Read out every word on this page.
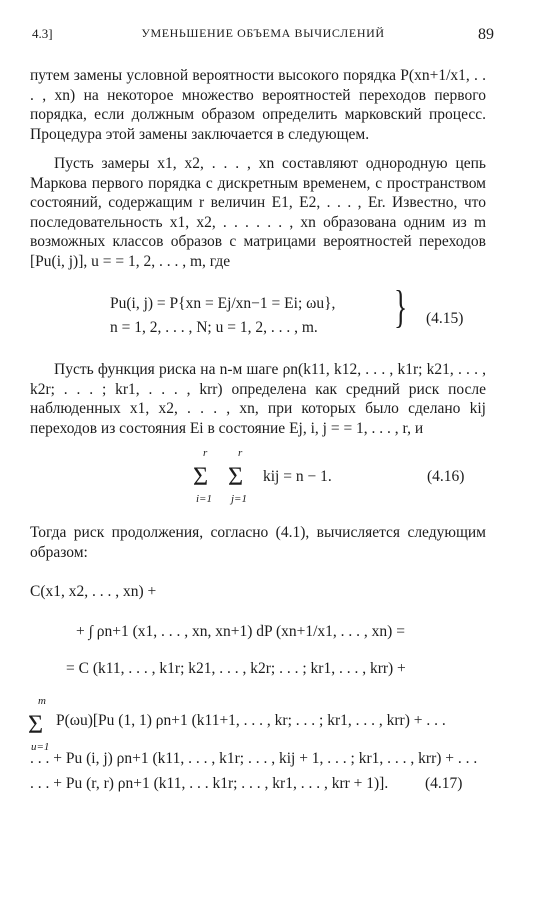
4.3]	УМЕНЬШЕНИЕ ОБЪЕМА ВЫЧИСЛЕНИЙ	89

путем замены условной вероятности высокого порядка P(xn+1/x1, . . . , xn) на некоторое множество вероятностей переходов первого порядка, если должным образом определить марковский процесс. Процедура этой замены заключается в следующем.

Пусть замеры x1, x2, . . . , xn составляют однородную цепь Маркова первого порядка с дискретным временем, с пространством состояний, содержащим r величин E1, E2, . . . , Er. Известно, что последовательность x1, x2, . . . . . . , xn образована одним из m возможных классов образов с матрицами вероятностей переходов [Pu(i, j)], u = = 1, 2, . . . , m, где

Pu(i, j) = P{xn = Ej/xn−1 = Ei; ωu},
n = 1, 2, . . . , N; u = 1, 2, . . . , m. } (4.15)

Пусть функция риска на n-м шаге ρn(k11, k12, . . . , k1r; k21, . . . , k2r; . . . ; kr1, . . . , krr) определена как средний риск после наблюденных x1, x2, . . . , xn, при которых было сделано kij переходов из состояния Ei в состояние Ej, i, j = = 1, . . . , r, и

r
Σ
i=1
r
Σ
j=1
kij = n − 1.	(4.16)

Тогда риск продолжения, согласно (4.1), вычисляется следующим образом:

C(x1, x2, . . . , xn) +
+ ∫ ρn+1 (x1, . . . , xn, xn+1) dP (xn+1/x1, . . . , xn) =
= C (k11, . . . , k1r; k21, . . . , k2r; . . . ; kr1, . . . , krr) +
m
Σ
u=1
P(ωu)[Pu (1, 1) ρn+1 (k11+1, . . . , kr; . . . ; kr1, . . . , krr) + . . .
. . . + Pu (i, j) ρn+1 (k11, . . . , k1r; . . . , kij + 1, . . . ; kr1, . . . , krr) + . . .
. . . + Pu (r, r) ρn+1 (k11, . . . k1r; . . . , kr1, . . . , krr + 1)]. (4.17)
